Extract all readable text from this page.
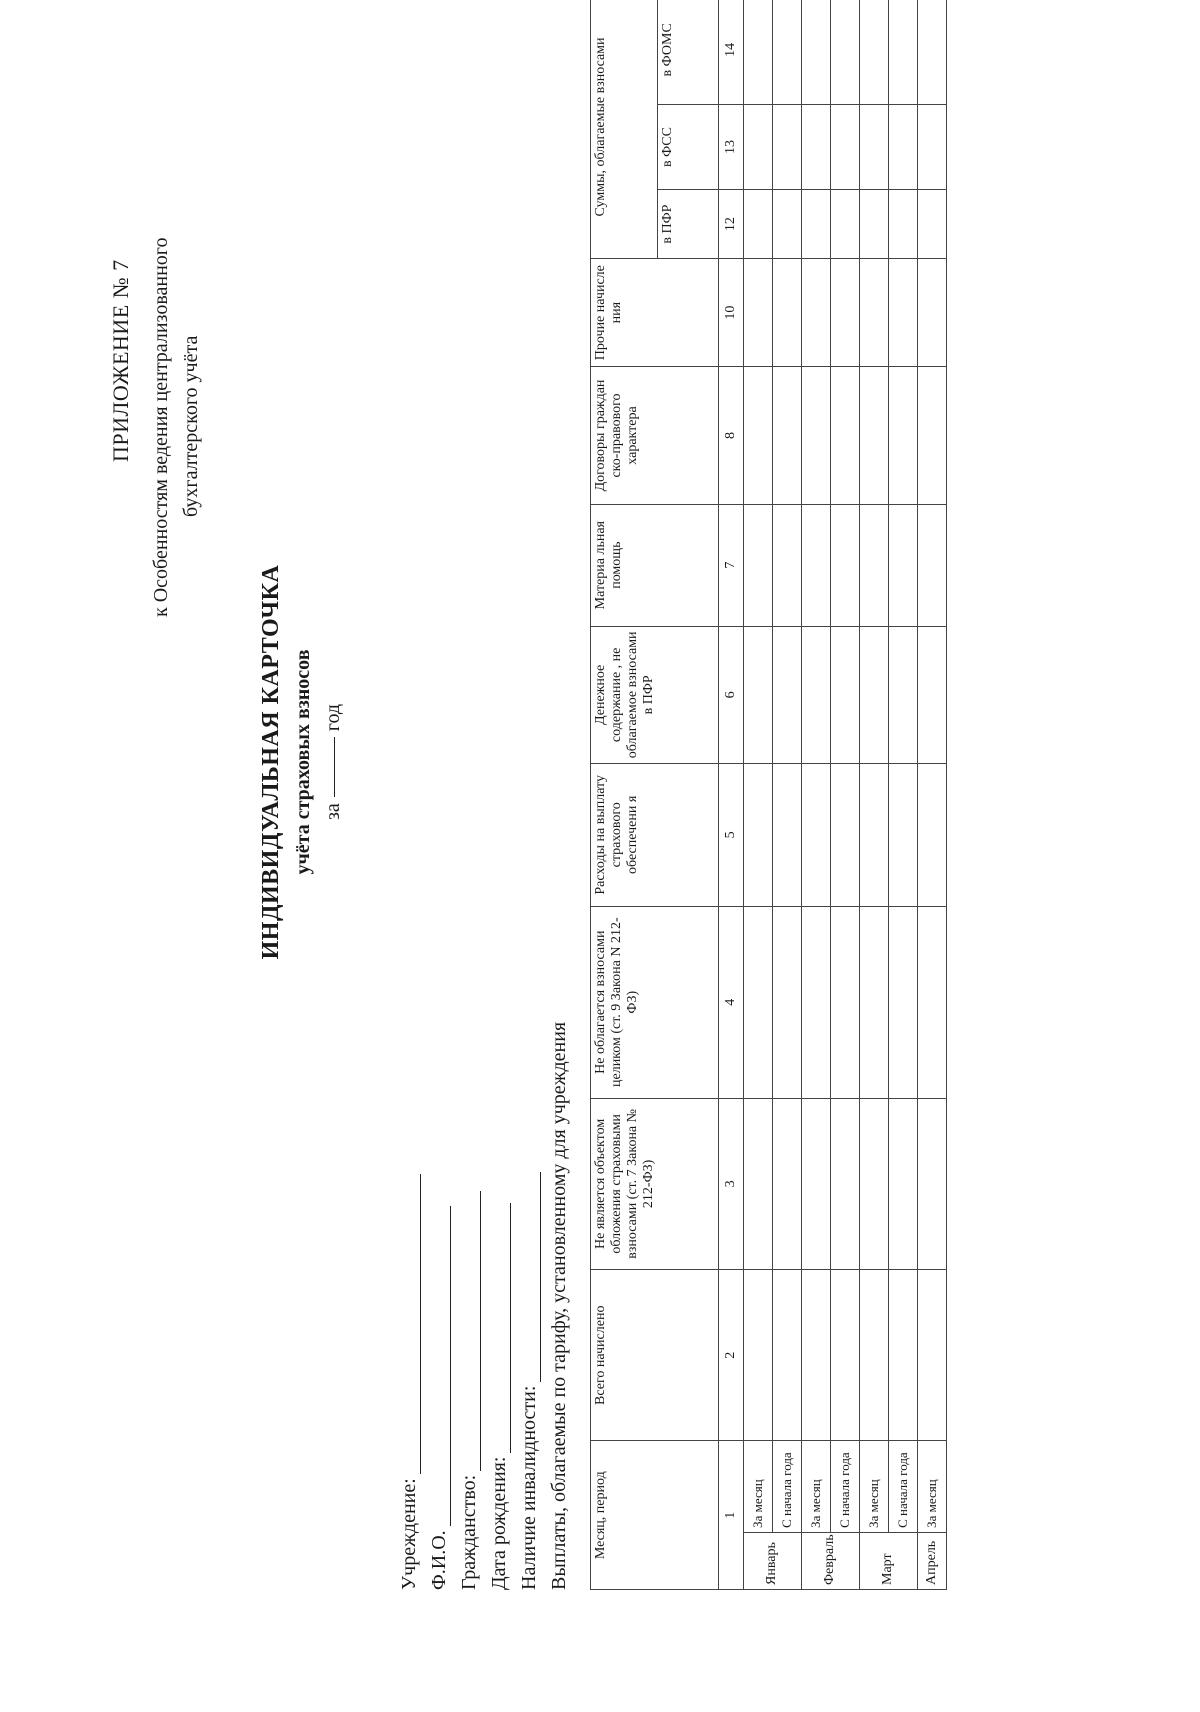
ПРИЛОЖЕНИЕ № 7 к Особенностям ведения централизованного бухгалтерского учёта
ИНДИВИДУАЛЬНАЯ КАРТОЧКА учёта страховых взносов загод
Учреждение: Ф.И.О. Гражданство: Дата рождения: Наличие инвалидности: Выплаты, облагаемые по тарифу, установленному для учреждения Месяц, период		Всего начислено	Не является объектом обложения страховыми взносами (ст. 7 Закона № 212-ФЗ)	Не облагается взносами целиком (ст. 9 Закона N 212-ФЗ)	Расходы на выплату страхового обеспечени я	Денежное содержание , не облагаемое взносами в ПФР	Материа льная помощь	Договоры граждан ско-правового характера	Прочие начисле ния	Суммы, облагаемые взносами		
										в ПФР	в ФСС	в ФОМС
1		2	3	4	5	6	7	8	10	12	13	14
Январь	За месяц											
	С начала года											
Февраль	За месяц											
	С начала года											
Март	За месяц											
	С начала года											
Апрель	За месяц											
